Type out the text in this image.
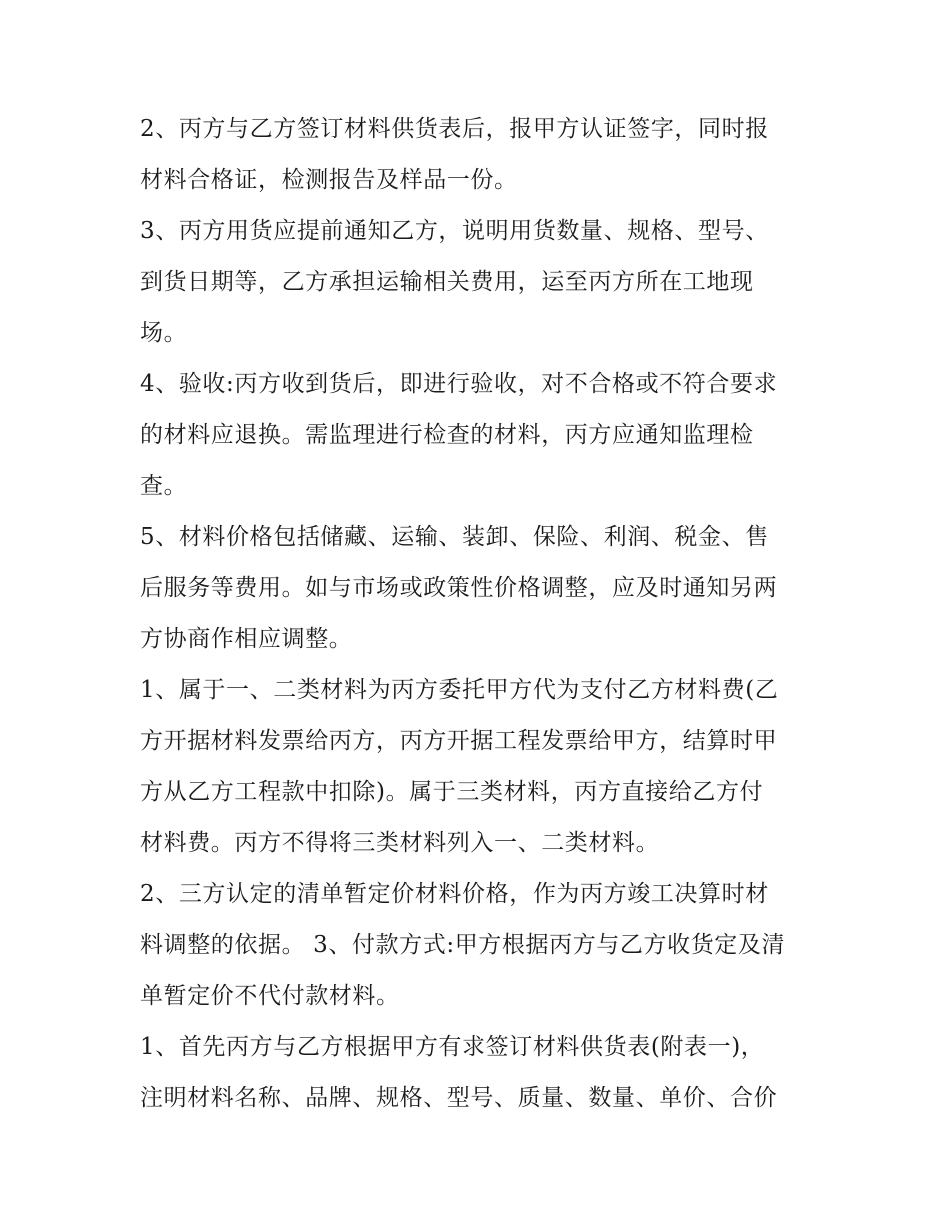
2、丙方与乙方签订材料供货表后，报甲方认证签字，同时报
材料合格证，检测报告及样品一份。
3、丙方用货应提前通知乙方，说明用货数量、规格、型号、
到货日期等，乙方承担运输相关费用，运至丙方所在工地现
场。
4、验收:丙方收到货后，即进行验收，对不合格或不符合要求
的材料应退换。需监理进行检查的材料，丙方应通知监理检
查。
5、材料价格包括储藏、运输、装卸、保险、利润、税金、售
后服务等费用。如与市场或政策性价格调整，应及时通知另两
方协商作相应调整。
1、属于一、二类材料为丙方委托甲方代为支付乙方材料费(乙
方开据材料发票给丙方，丙方开据工程发票给甲方，结算时甲
方从乙方工程款中扣除)。属于三类材料，丙方直接给乙方付
材料费。丙方不得将三类材料列入一、二类材料。
2、三方认定的清单暂定价材料价格，作为丙方竣工决算时材
料调整的依据。 3、付款方式:甲方根据丙方与乙方收货定及清
单暂定价不代付款材料。
1、首先丙方与乙方根据甲方有求签订材料供货表(附表一)，
注明材料名称、品牌、规格、型号、质量、数量、单价、合价
